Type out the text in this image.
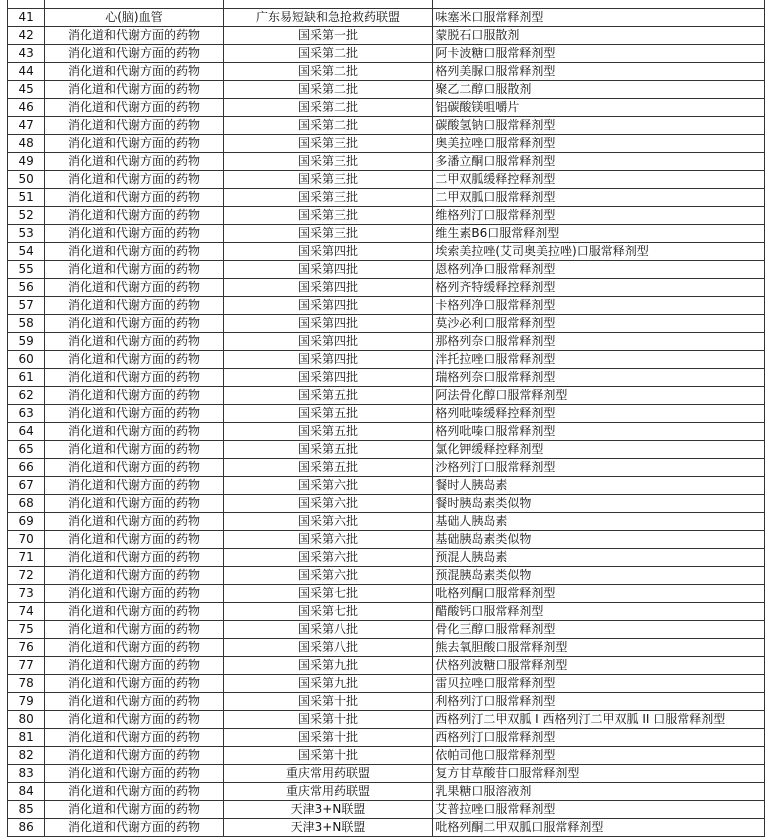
41	心(脑)血管	广东易短缺和急抢救药联盟	味塞米口服常释剂型
42	消化道和代谢方面的药物	国采第一批	蒙脱石口服散剂
43	消化道和代谢方面的药物	国采第二批	阿卡波糖口服常释剂型
44	消化道和代谢方面的药物	国采第二批	格列美脲口服常释剂型
45	消化道和代谢方面的药物	国采第二批	聚乙二醇口服散剂
46	消化道和代谢方面的药物	国采第二批	铝碳酸镁咀嚼片
47	消化道和代谢方面的药物	国采第二批	碳酸氢钠口服常释剂型
48	消化道和代谢方面的药物	国采第三批	奥美拉唑口服常释剂型
49	消化道和代谢方面的药物	国采第三批	多潘立酮口服常释剂型
50	消化道和代谢方面的药物	国采第三批	二甲双胍缓释控释剂型
51	消化道和代谢方面的药物	国采第三批	二甲双胍口服常释剂型
52	消化道和代谢方面的药物	国采第三批	维格列汀口服常释剂型
53	消化道和代谢方面的药物	国采第三批	维生素B6口服常释剂型
54	消化道和代谢方面的药物	国采第四批	埃索美拉唑(艾司奥美拉唑)口服常释剂型
55	消化道和代谢方面的药物	国采第四批	恩格列净口服常释剂型
56	消化道和代谢方面的药物	国采第四批	格列齐特缓释控释剂型
57	消化道和代谢方面的药物	国采第四批	卡格列净口服常释剂型
58	消化道和代谢方面的药物	国采第四批	莫沙必利口服常释剂型
59	消化道和代谢方面的药物	国采第四批	那格列奈口服常释剂型
60	消化道和代谢方面的药物	国采第四批	泮托拉唑口服常释剂型
61	消化道和代谢方面的药物	国采第四批	瑞格列奈口服常释剂型
62	消化道和代谢方面的药物	国采第五批	阿法骨化醇口服常释剂型
63	消化道和代谢方面的药物	国采第五批	格列吡嗪缓释控释剂型
64	消化道和代谢方面的药物	国采第五批	格列吡嗪口服常释剂型
65	消化道和代谢方面的药物	国采第五批	氯化钾缓释控释剂型
66	消化道和代谢方面的药物	国采第五批	沙格列汀口服常释剂型
67	消化道和代谢方面的药物	国采第六批	餐时人胰岛素
68	消化道和代谢方面的药物	国采第六批	餐时胰岛素类似物
69	消化道和代谢方面的药物	国采第六批	基础人胰岛素
70	消化道和代谢方面的药物	国采第六批	基础胰岛素类似物
71	消化道和代谢方面的药物	国采第六批	预混人胰岛素
72	消化道和代谢方面的药物	国采第六批	预混胰岛素类似物
73	消化道和代谢方面的药物	国采第七批	吡格列酮口服常释剂型
74	消化道和代谢方面的药物	国采第七批	醋酸钙口服常释剂型
75	消化道和代谢方面的药物	国采第八批	骨化三醇口服常释剂型
76	消化道和代谢方面的药物	国采第八批	熊去氧胆酸口服常释剂型
77	消化道和代谢方面的药物	国采第九批	伏格列波糖口服常释剂型
78	消化道和代谢方面的药物	国采第九批	雷贝拉唑口服常释剂型
79	消化道和代谢方面的药物	国采第十批	利格列汀口服常释剂型
80	消化道和代谢方面的药物	国采第十批	西格列汀二甲双胍 I 西格列汀二甲双胍 II 口服常释剂型
81	消化道和代谢方面的药物	国采第十批	西格列汀口服常释剂型
82	消化道和代谢方面的药物	国采第十批	依帕司他口服常释剂型
83	消化道和代谢方面的药物	重庆常用药联盟	复方甘草酸苷口服常释剂型
84	消化道和代谢方面的药物	重庆常用药联盟	乳果糖口服溶液剂
85	消化道和代谢方面的药物	天津3+N联盟	艾普拉唑口服常释剂型
86	消化道和代谢方面的药物	天津3+N联盟	吡格列酮二甲双胍口服常释剂型
